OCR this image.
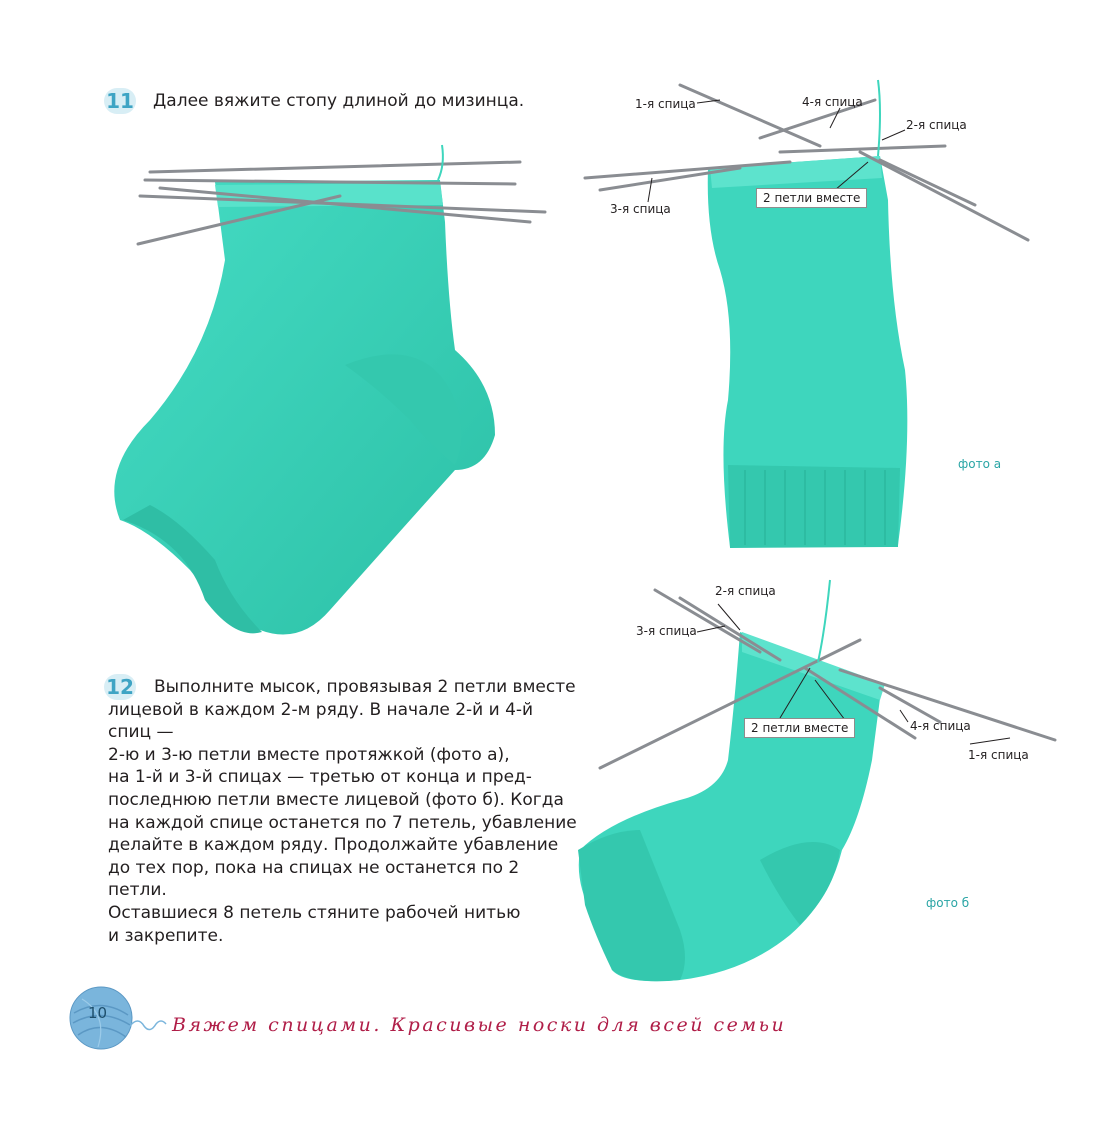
11 Далее вяжите стопу длиной до мизинца.	1-я спица	4-я спица
2-я спица
3-я спица
2 петли вместе
фото а
2-я спица
3-я спица
2 петли вместе	4-я спица
1-я спица
фото б
12	Выполните мысок, провязывая 2 петли вместе
лицевой в каждом 2-м ряду. В начале 2-й и 4-й спиц —
2-ю и 3-ю петли вместе протяжкой (фото а),
на 1-й и 3-й спицах — третью от конца и пред-
последнюю петли вместе лицевой (фото б). Когда
на каждой спице останется по 7 петель, убавление
делайте в каждом ряду. Продолжайте убавление
до тех пор, пока на спицах не останется по 2 петли.
Оставшиеся 8 петель стяните рабочей нитью
и закрепите.
10
Вяжем спицами. Красивые носки для всей семьи
